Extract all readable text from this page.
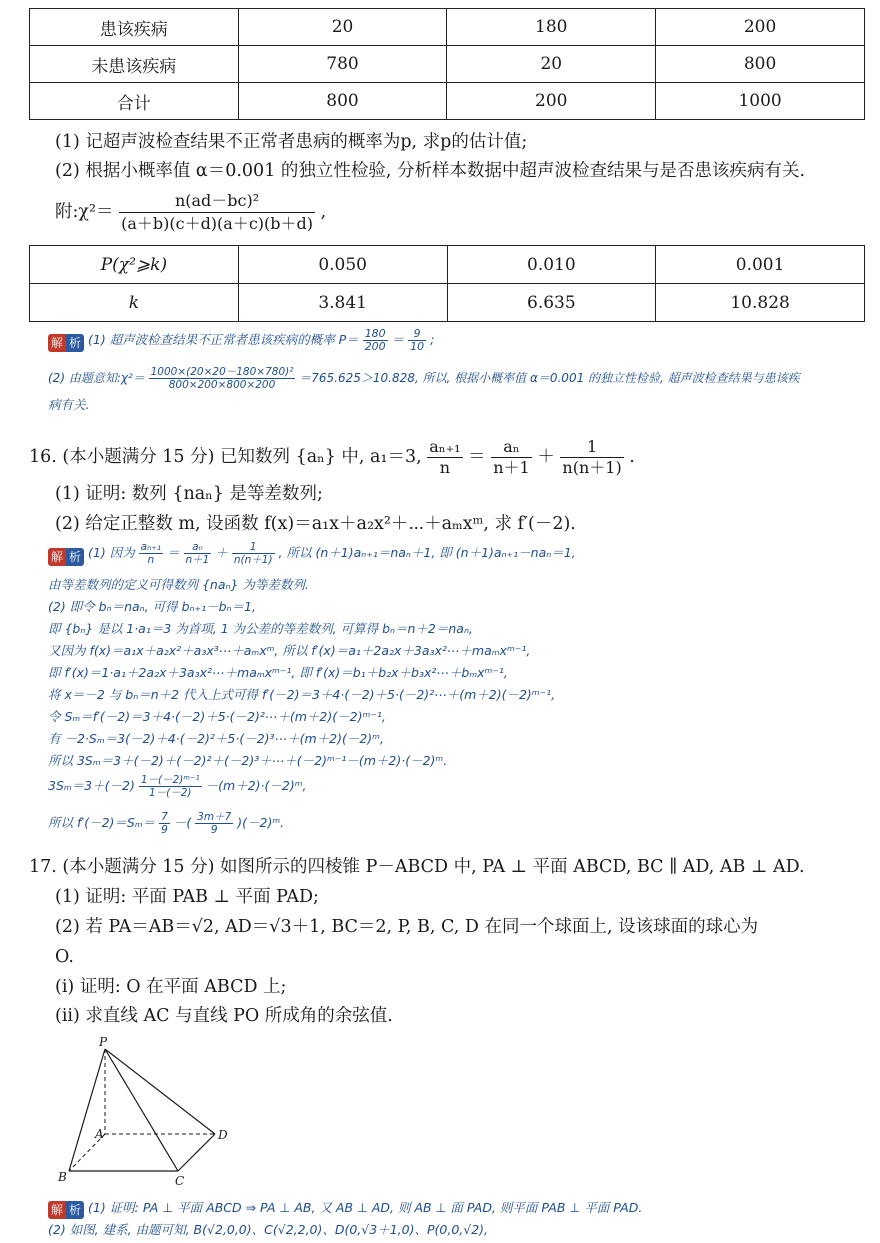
患该疾病	20	180	200
未患该疾病	780	20	800
合计	800	200	1000
(1) 记超声波检查结果不正常者患病的概率为p, 求p的估计值;
(2) 根据小概率值 α＝0.001 的独立性检验, 分析样本数据中超声波检查结果与是否患该疾病有关.
附:χ²＝ $\frac{\text{n(ad－bc)²}}{(a+b)(c+d)(a+c)(b+d)}$ ,
P(χ²⩾k)	0.050	0.010	0.001
k	3.841	6.635	10.828
解 析 (1) 超声波检查结果不正常者患该疾病的概率 $P= \frac{180}{200} = \frac{9}{10}$ ;
(2) 由题意知:χ²＝ $\frac{\text{1000×(20×20－180×780)²}}{800\times 200\times 800\times 200} =765.625>10.828$, 所以, 根据小概率值 α＝0.001 的独立性检验, 超声波检查结果与患该疾
病有关.
16. (本小题满分 15 分) 已知数列 {aₙ} 中, a₁＝3, $\frac{\text{aₙ₊₁}}{n} = \frac{\text{aₙ}}{n+1} + \frac{1}{n(n+1)}$ .
(1) 证明: 数列 {naₙ} 是等差数列;
(2) 给定正整数 m, 设函数 f(x)＝a₁x＋a₂x²＋⋯＋aₘxᵐ, 求 f′(－2).
解 析 (1) 因为 $\frac{\text{aₙ₊₁}}{n} = \frac{\text{aₙ}}{n+1} + \frac{1}{n(n+1)}$ , 所以 (n＋1)aₙ₊₁＝naₙ＋1, 即 (n＋1)aₙ₊₁－naₙ＝1,
由等差数列的定义可得数列 {naₙ} 为等差数列.
(2) 即令 bₙ＝naₙ, 可得 bₙ₊₁－bₙ＝1,
即 {bₙ} 是以 1·a₁＝3 为首项, 1 为公差的等差数列, 可算得 bₙ＝n＋2＝naₙ,
又因为 f(x)＝a₁x＋a₂x²＋a₃x³⋯＋aₘxᵐ, 所以 f′(x)＝a₁＋2a₂x＋3a₃x²⋯＋maₘxᵐ⁻¹,
即 f′(x)＝1·a₁＋2a₂x＋3a₃x²⋯＋maₘxᵐ⁻¹, 即 f′(x)＝b₁＋b₂x＋b₃x²⋯＋bₘxᵐ⁻¹,
将 x＝－2 与 bₙ＝n＋2 代入上式可得 f′(－2)＝3＋4·(－2)＋5·(－2)²⋯＋(m＋2)(－2)ᵐ⁻¹,
令 Sₘ＝f′(－2)＝3＋4·(－2)＋5·(－2)²⋯＋(m＋2)(－2)ᵐ⁻¹,
有 －2·Sₘ＝3(－2)＋4·(－2)²＋5·(－2)³⋯＋(m＋2)(－2)ᵐ,
所以 3Sₘ＝3＋(－2)＋(－2)²＋(－2)³＋⋯＋(－2)ᵐ⁻¹－(m＋2)·(－2)ᵐ.
$3S_m=3+(-2) \frac{\text{1－(－2)ᵐ⁻¹}}{1-(-2)}$ －(m＋2)·(－2)ᵐ,
所以 $f'(-2)=S_m= \frac{7}{9}$ －( $\frac{3m+7}{9}$ )(－2)ᵐ.
17. (本小题满分 15 分) 如图所示的四棱锥 P－ABCD 中, PA ⊥ 平面 ABCD, BC ∥ AD, AB ⊥ AD.
(1) 证明: 平面 PAB ⊥ 平面 PAD;
(2) 若 PA＝AB＝√2, AD＝√3＋1, BC＝2, P, B, C, D 在同一个球面上, 设该球面的球心为
O.
(i) 证明: O 在平面 ABCD 上;
(ii) 求直线 AC 与直线 PO 所成角的余弦值.
P
A
B	C
D
解 析 (1) 证明: PA ⊥ 平面 ABCD ⇒ PA ⊥ AB, 又 AB ⊥ AD, 则 AB ⊥ 面 PAD, 则平面 PAB ⊥ 平面 PAD.
(2) 如图, 建系, 由题可知, B(√2,0,0)、C(√2,2,0)、D(0,√3＋1,0)、P(0,0,√2),
